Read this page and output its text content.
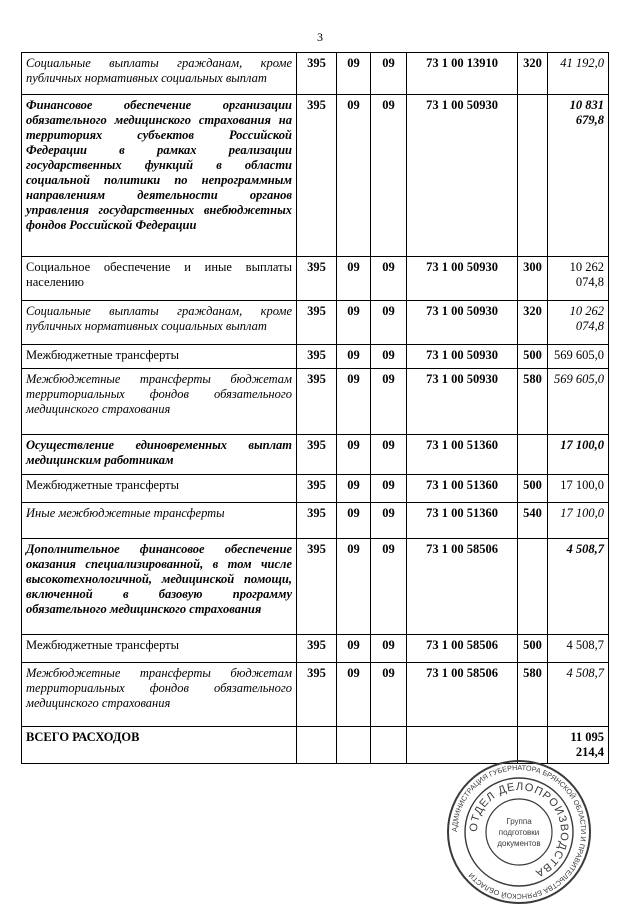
3
Социальные выплаты гражданам, кроме публичных нормативных социальных выплат	395	09	09	73 1 00 13910	320	41 192,0
Финансовое обеспечение организации обязательного медицинского страхования на территориях субъектов Российской Федерации в рамках реализации государственных функций в области социальной политики по непрограммным направлениям деятельности органов управления государственных внебюджетных фондов Российской Федерации	395	09	09	73 1 00 50930		10 831 679,8
Социальное обеспечение и иные выплаты населению	395	09	09	73 1 00 50930	300	10 262 074,8
Социальные выплаты гражданам, кроме публичных нормативных социальных выплат	395	09	09	73 1 00 50930	320	10 262 074,8
Межбюджетные трансферты	395	09	09	73 1 00 50930	500	569 605,0
Межбюджетные трансферты бюджетам территориальных фондов обязательного медицинского страхования	395	09	09	73 1 00 50930	580	569 605,0
Осуществление единовременных выплат медицинским работникам	395	09	09	73 1 00 51360		17 100,0
Межбюджетные трансферты	395	09	09	73 1 00 51360	500	17 100,0
Иные межбюджетные трансферты	395	09	09	73 1 00 51360	540	17 100,0
Дополнительное финансовое обеспечение оказания специализированной, в том числе высокотехнологичной, медицинской помощи, включенной в базовую программу обязательного медицинского страхования	395	09	09	73 1 00 58506		4 508,7
Межбюджетные трансферты	395	09	09	73 1 00 58506	500	4 508,7
Межбюджетные трансферты бюджетам территориальных фондов обязательного медицинского страхования	395	09	09	73 1 00 58506	580	4 508,7
ВСЕГО РАСХОДОВ						11 095 214,4
АДМИНИСТРАЦИЯ ГУБЕРНАТОРА БРЯНСКОЙ ОБЛАСТИ И ПРАВИТЕЛЬСТВА БРЯНСКОЙ ОБЛАСТИ
ОТДЕЛ ДЕЛОПРОИЗВОДСТВА
Группа
подготовки
документов
